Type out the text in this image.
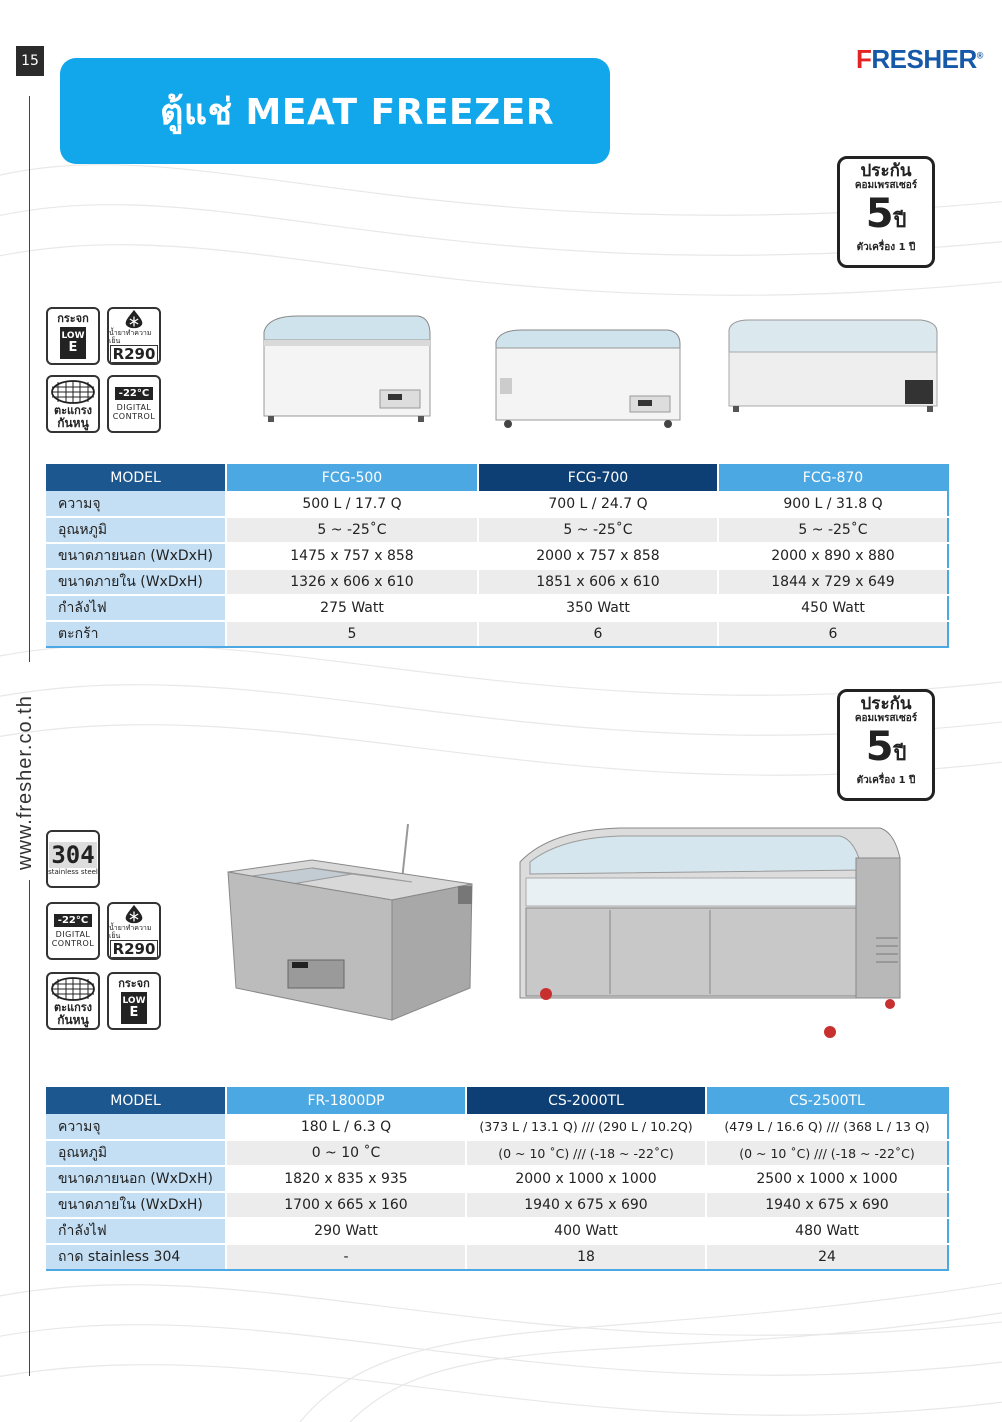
15
www.fresher.co.th
ตู้แช่ MEAT FREEZER
FRESHER®
ประกัน
คอมเพรสเซอร์
5ปี
ตัวเครื่อง 1 ปี
กระจก
LOW
E
น้ำยาทำความเย็น
R290
ตะแกรง
กันหนู
-22°C
DIGITAL
CONTROL
MODEL	FCG-500	FCG-700	FCG-870
ความจุ	500 L / 17.7 Q	700 L / 24.7 Q	900 L / 31.8 Q
อุณหภูมิ	5 ~ -25˚C	5 ~ -25˚C	5 ~ -25˚C
ขนาดภายนอก (WxDxH)	1475 x 757 x 858	2000 x 757 x 858	2000 x 890 x 880
ขนาดภายใน (WxDxH)	1326 x 606 x 610	1851 x 606 x 610	1844 x 729 x 649
กำลังไฟ	275 Watt	350 Watt	450 Watt
ตะกร้า	5	6	6
ประกัน
คอมเพรสเซอร์
5ปี
ตัวเครื่อง 1 ปี
304
stainless steel
-22°C
DIGITAL
CONTROL
น้ำยาทำความเย็น
R290
ตะแกรง
กันหนู
กระจก
LOW
E
MODEL	FR-1800DP	CS-2000TL	CS-2500TL
ความจุ	180 L / 6.3 Q	(373 L / 13.1 Q) /// (290 L / 10.2Q)	(479 L / 16.6 Q) /// (368 L / 13 Q)
อุณหภูมิ	0 ~ 10 ˚C	(0 ~ 10 ˚C) /// (-18 ~ -22˚C)	(0 ~ 10 ˚C) /// (-18 ~ -22˚C)
ขนาดภายนอก (WxDxH)	1820 x 835 x 935	2000 x 1000 x 1000	2500 x 1000 x 1000
ขนาดภายใน (WxDxH)	1700 x 665 x 160	1940 x 675 x 690	1940 x 675 x 690
กำลังไฟ	290 Watt	400 Watt	480 Watt
ถาด stainless 304	-	18	24
